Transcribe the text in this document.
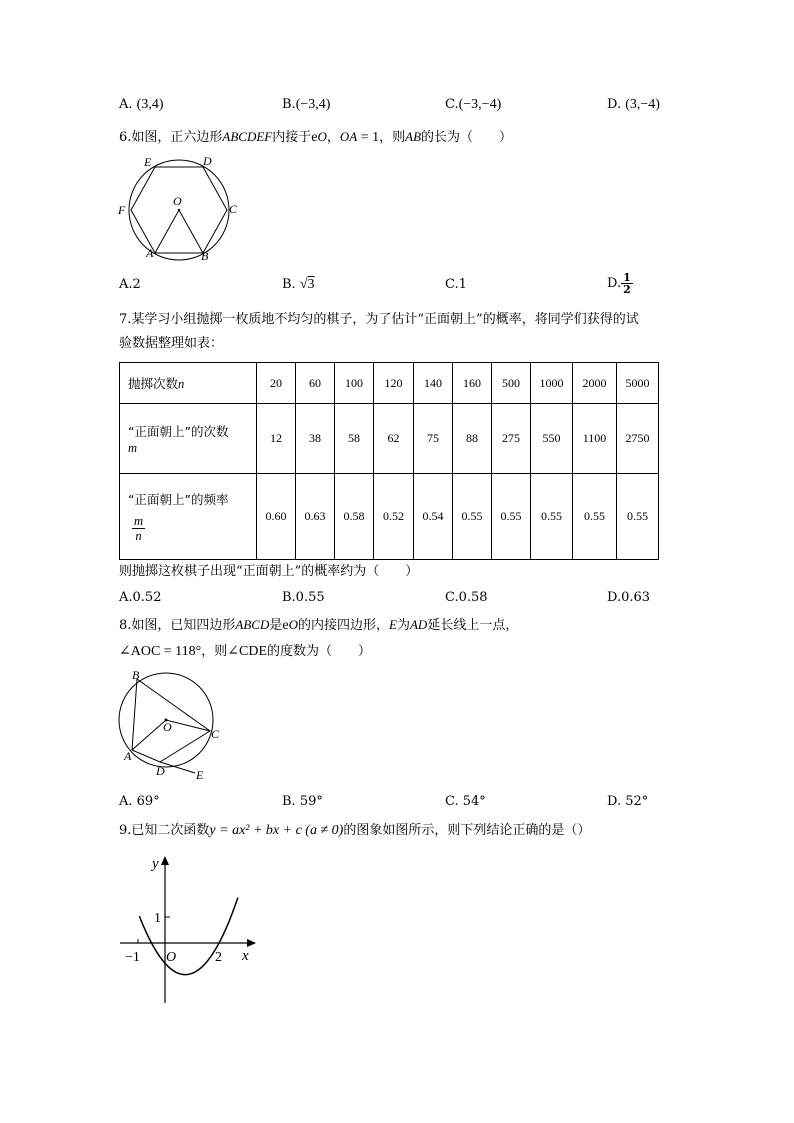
A. (3,4)	B.(−3,4)	C.(−3,−4)	D. (3,−4)
6.如图，正六边形ABCDEF内接于eO，OA = 1，则AB的长为（　　）
E	D
F
O
C
A	B
A.2	B. √3	C.1	D. $\frac{1}{2}$
7.某学习小组抛掷一枚质地不均匀的棋子，为了估计“正面朝上”的概率，将同学们获得的试
验数据整理如表：
抛掷次数n	20	60	100	120	140	160	500	1000	2000	5000
“正面朝上”的次数
m	12	38	58	62	75	88	275	550	1100	2750
“正面朝上”的频率

$\frac{m}{n}$	0.60	0.63	0.58	0.52	0.54	0.55	0.55	0.55	0.55	0.55
则抛掷这枚棋子出现“正面朝上”的概率约为（　　）
A.0.52	B.0.55	C.0.58	D.0.63
8.如图，已知四边形ABCD是eO的内接四边形，E为AD延长线上一点，
∠AOC = 118°，则∠CDE的度数为（　　）
B
O	C
A
D	E
A. 69°	B. 59°	C. 54°	D. 52°
9.已知二次函数y = ax² + bx + c (a ≠ 0)的图象如图所示，则下列结论正确的是（）
y
x
1
−1 O	2
